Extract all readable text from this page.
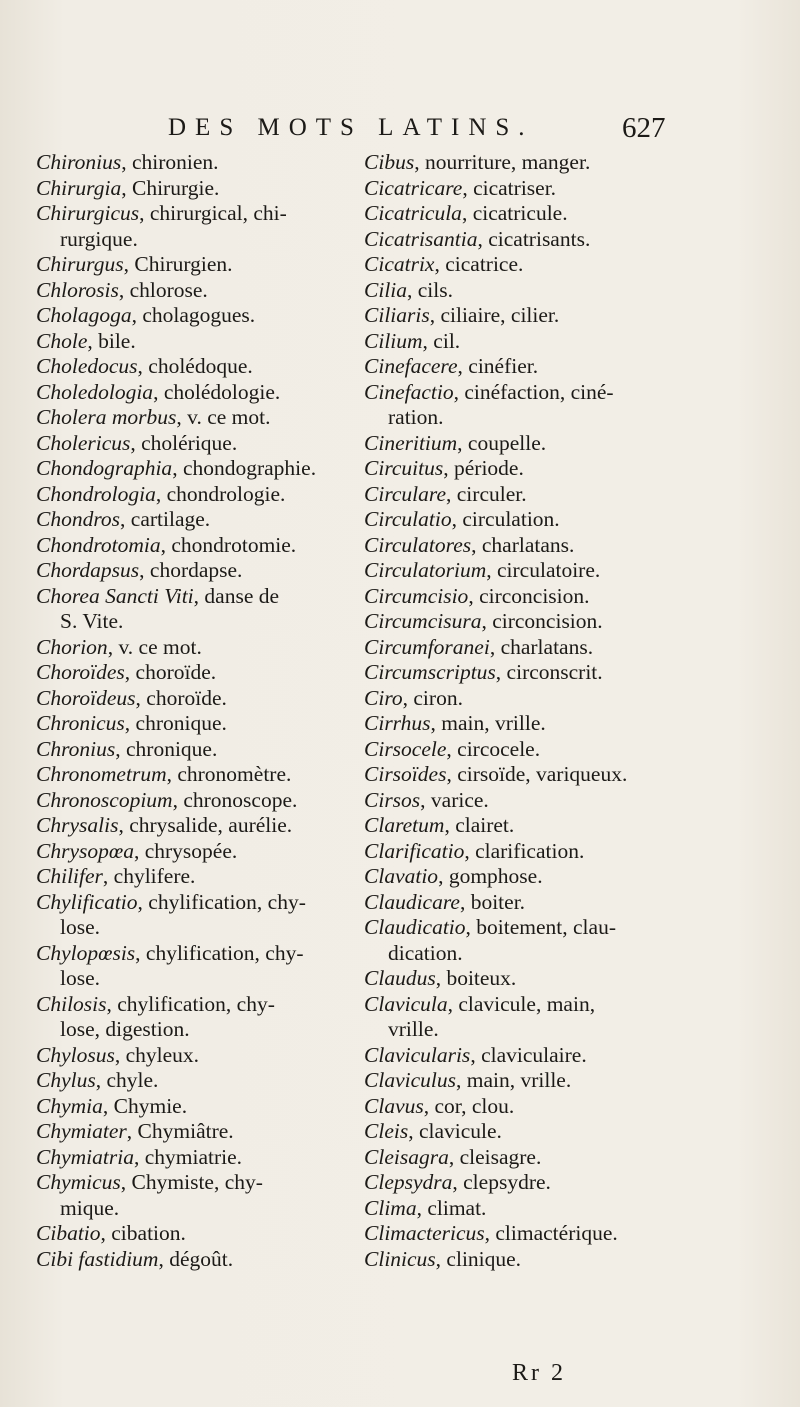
DES MOTS LATINS.	627
Chironius, chironien.
Chirurgia, Chirurgie.
Chirurgicus, chirurgical, chi-
rurgique.
Chirurgus, Chirurgien.
Chlorosis, chlorose.
Cholagoga, cholagogues.
Chole, bile.
Choledocus, cholédoque.
Choledologia, cholédologie.
Cholera morbus, v. ce mot.
Cholericus, cholérique.
Chondographia, chondographie.
Chondrologia, chondrologie.
Chondros, cartilage.
Chondrotomia, chondrotomie.
Chordapsus, chordapse.
Chorea Sancti Viti, danse de
S. Vite.
Chorion, v. ce mot.
Choroïdes, choroïde.
Choroïdeus, choroïde.
Chronicus, chronique.
Chronius, chronique.
Chronometrum, chronomètre.
Chronoscopium, chronoscope.
Chrysalis, chrysalide, aurélie.
Chrysopœa, chrysopée.
Chilifer, chylifere.
Chylificatio, chylification, chy-
lose.
Chylopœsis, chylification, chy-
lose.
Chilosis, chylification, chy-
lose, digestion.
Chylosus, chyleux.
Chylus, chyle.
Chymia, Chymie.
Chymiater, Chymiâtre.
Chymiatria, chymiatrie.
Chymicus, Chymiste, chy-
mique.
Cibatio, cibation.
Cibi fastidium, dégoût.
Cibus, nourriture, manger.
Cicatricare, cicatriser.
Cicatricula, cicatricule.
Cicatrisantia, cicatrisants.
Cicatrix, cicatrice.
Cilia, cils.
Ciliaris, ciliaire, cilier.
Cilium, cil.
Cinefacere, cinéfier.
Cinefactio, cinéfaction, ciné-
ration.
Cineritium, coupelle.
Circuitus, période.
Circulare, circuler.
Circulatio, circulation.
Circulatores, charlatans.
Circulatorium, circulatoire.
Circumcisio, circoncision.
Circumcisura, circoncision.
Circumforanei, charlatans.
Circumscriptus, circonscrit.
Ciro, ciron.
Cirrhus, main, vrille.
Cirsocele, circocele.
Cirsoïdes, cirsoïde, variqueux.
Cirsos, varice.
Claretum, clairet.
Clarificatio, clarification.
Clavatio, gomphose.
Claudicare, boiter.
Claudicatio, boitement, clau-
dication.
Claudus, boiteux.
Clavicula, clavicule, main,
vrille.
Clavicularis, claviculaire.
Claviculus, main, vrille.
Clavus, cor, clou.
Cleis, clavicule.
Cleisagra, cleisagre.
Clepsydra, clepsydre.
Clima, climat.
Climactericus, climactérique.
Clinicus, clinique.
Rr 2
